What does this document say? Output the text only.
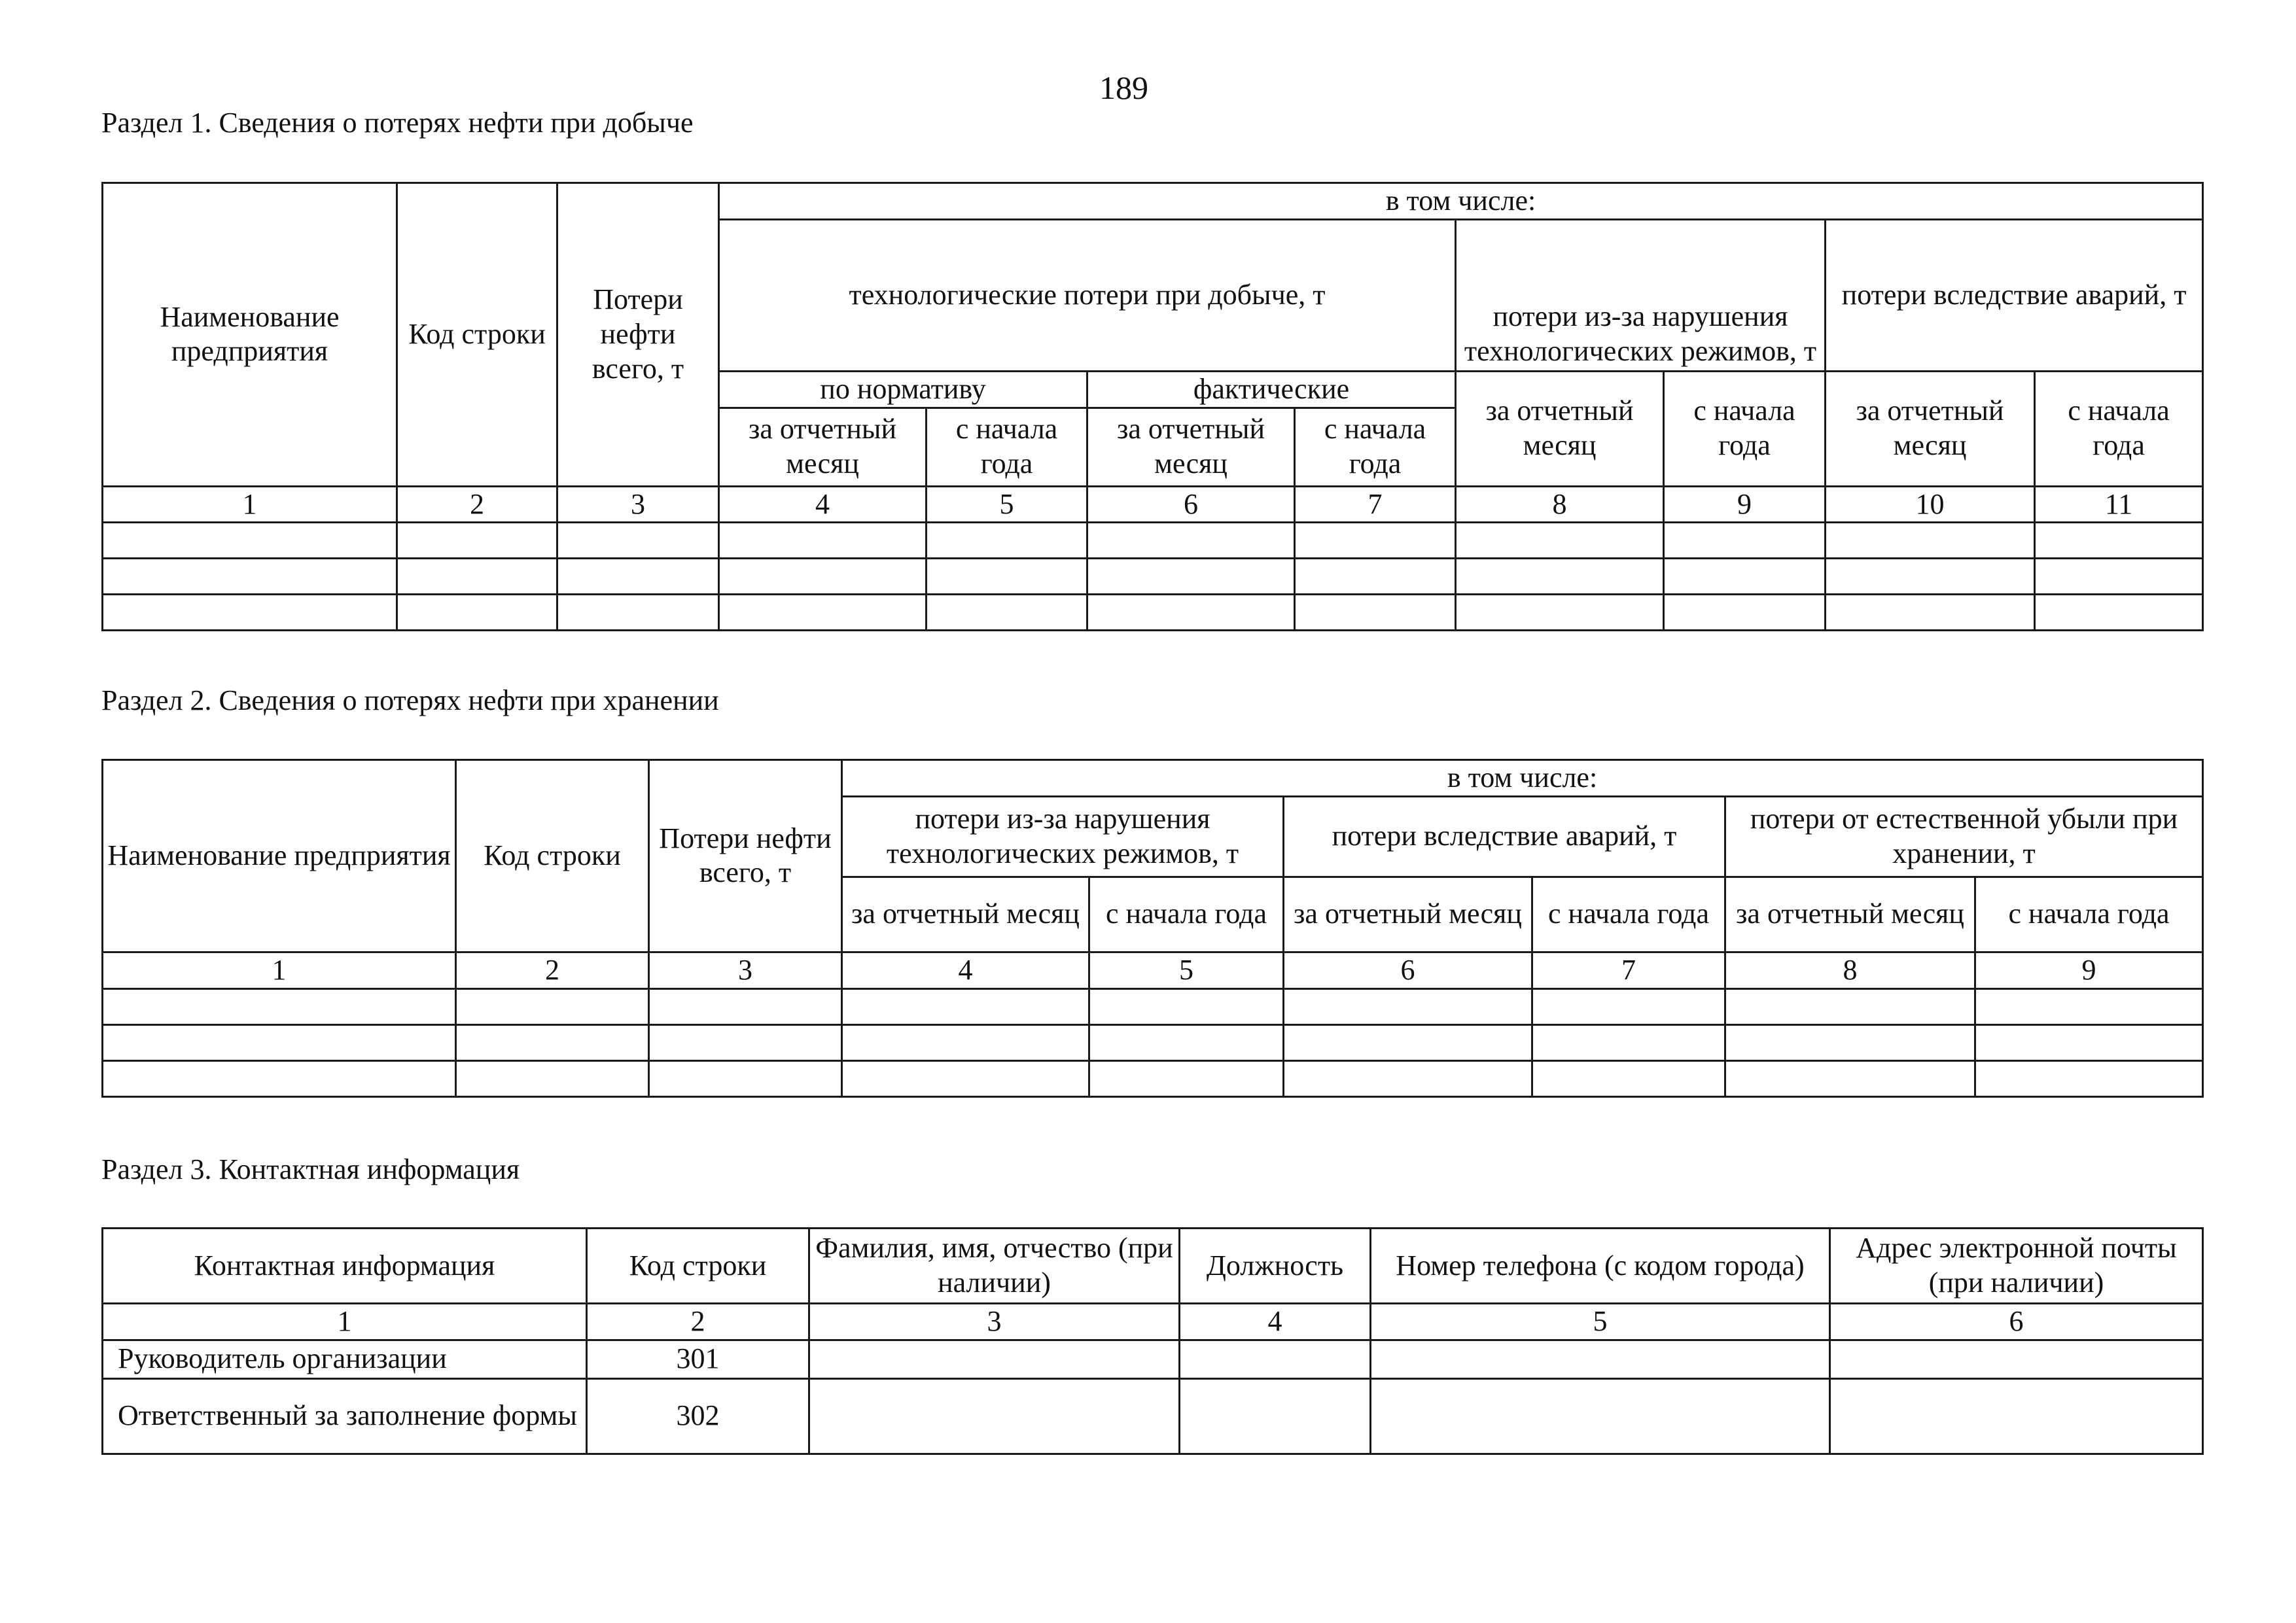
189
Раздел 1. Сведения о потерях нефти при добыче
Наименование предприятия	Код строки	Потери нефти всего, т	в том числе:							
			технологические потери при добыче, т				потери из-за нарушения технологических режимов, т		потери вследствие аварий, т	
			по нормативу		фактические		за отчетный месяц	с начала года	за отчетный месяц	с начала года
			за отчетный месяц	с начала года	за отчетный месяц	с начала года				
1	2	3	4	5	6	7	8	9	10	11

Раздел 2. Сведения о потерях нефти при хранении
Наименование предприятия	Код строки	Потери нефти всего, т	в том числе:					
			потери из-за нарушения технологических режимов, т		потери вследствие аварий, т		потери от естественной убыли при хранении, т	
			за отчетный месяц	с начала года	за отчетный месяц	с начала года	за отчетный месяц	с начала года
1	2	3	4	5	6	7	8	9

Раздел 3. Контактная информация
Контактная информация	Код строки	Фамилия, имя, отчество (при наличии)	Должность	Номер телефона (с кодом города)	Адрес электронной почты (при наличии)
1	2	3	4	5	6
Руководитель организации	301				
Ответственный за заполнение формы	302				
